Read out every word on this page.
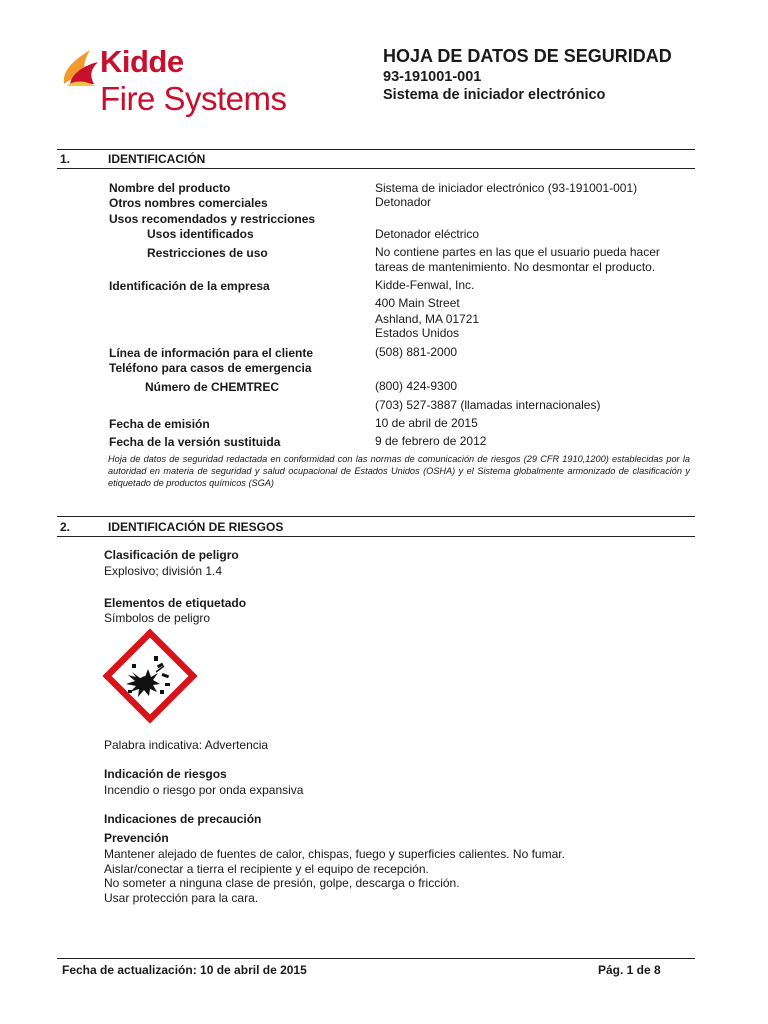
Kidde
Fire Systems
HOJA DE DATOS DE SEGURIDAD
93-191001-001
Sistema de iniciador electrónico
1.	IDENTIFICACIÓN
Nombre del producto	Sistema de iniciador electrónico (93-191001-001)
Otros nombres comerciales	Detonador
Usos recomendados y restricciones
Usos identificados	Detonador eléctrico
Restricciones de uso	No contiene partes en las que el usuario pueda hacer
tareas de mantenimiento. No desmontar el producto.
Identificación de la empresa	Kidde-Fenwal, Inc.
400 Main Street
Ashland, MA 01721
Estados Unidos
Línea de información para el cliente	(508) 881-2000
Teléfono para casos de emergencia
Número de CHEMTREC	(800) 424-9300
(703) 527-3887 (llamadas internacionales)
Fecha de emisión	10 de abril de 2015
Fecha de la versión sustituida	9 de febrero de 2012
Hoja de datos de seguridad redactada en conformidad con las normas de comunicación de riesgos (29 CFR 1910,1200) establecidas por la autoridad en materia de seguridad y salud ocupacional de Estados Unidos (OSHA) y el Sistema globalmente armonizado de clasificación y etiquetado de productos químicos (SGA)
2.	IDENTIFICACIÓN DE RIESGOS
Clasificación de peligro
Explosivo; división 1.4
Elementos de etiquetado
Símbolos de peligro
Palabra indicativa: Advertencia
Indicación de riesgos
Incendio o riesgo por onda expansiva
Indicaciones de precaución
Prevención
Mantener alejado de fuentes de calor, chispas, fuego y superficies calientes. No fumar.
Aislar/conectar a tierra el recipiente y el equipo de recepción.
No someter a ninguna clase de presión, golpe, descarga o fricción.
Usar protección para la cara.
Fecha de actualización: 10 de abril de 2015	Pág. 1 de 8
